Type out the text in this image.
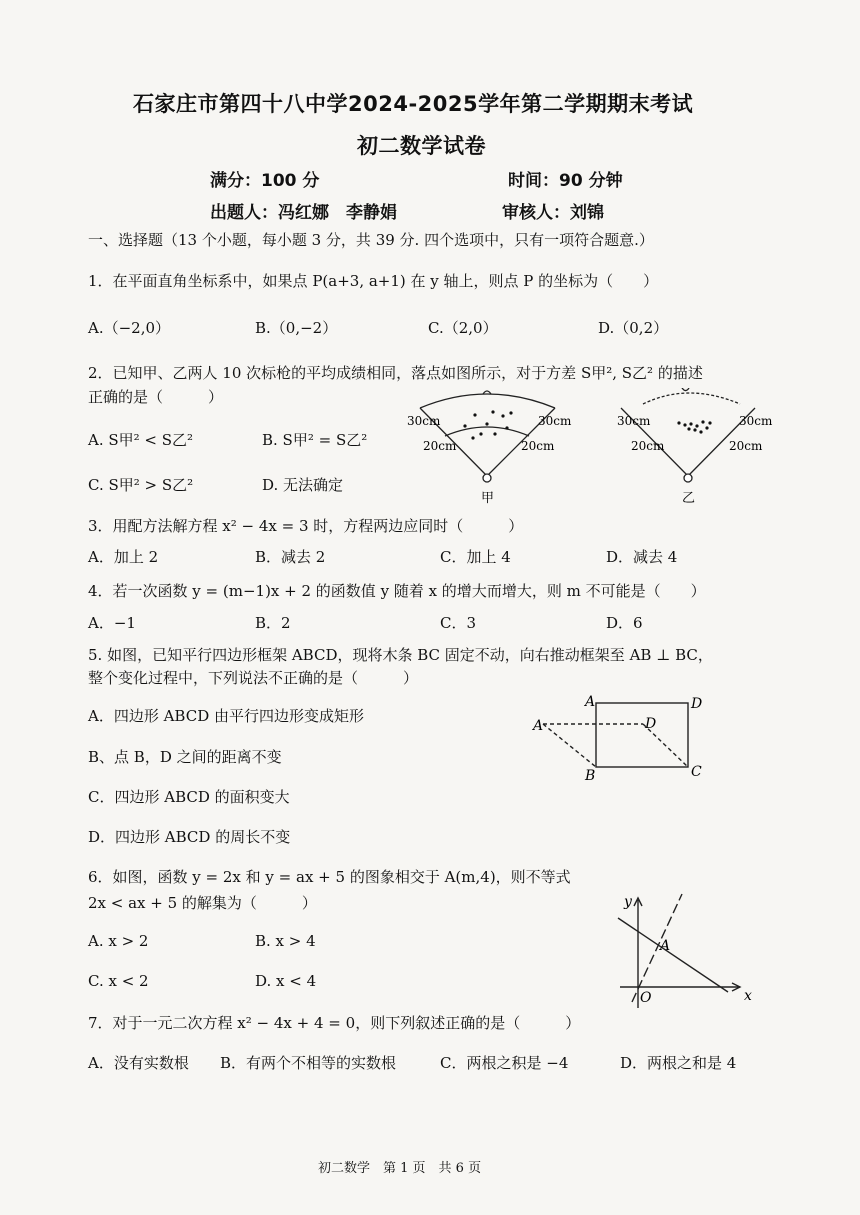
石家庄市第四十八中学2024-2025学年第二学期期末考试
初二数学试卷
满分：100 分	时间：90 分钟
出题人：冯红娜　李静娟	审核人：刘锦
一、选择题（13 个小题，每小题 3 分，共 39 分. 四个选项中，只有一项符合题意.）
1．在平面直角坐标系中，如果点 P(a+3, a+1) 在 y 轴上，则点 P 的坐标为（　　）
A.（−2,0）	B.（0,−2）	C.（2,0）	D.（0,2）
2．已知甲、乙两人 10 次标枪的平均成绩相同，落点如图所示，对于方差 S甲², S乙² 的描述
正确的是（　　　）
A. S甲² < S乙²	B. S甲² = S乙²
C. S甲² > S乙²	D. 无法确定
30cm	30cm
20cm	20cm
甲
30cm	30cm
20cm	20cm
乙
3．用配方法解方程 x² − 4x = 3 时，方程两边应同时（　　　）
A．加上 2	B．减去 2	C．加上 4	D．减去 4
4．若一次函数 y = (m−1)x + 2 的函数值 y 随着 x 的增大而增大，则 m 不可能是（　　）
A．−1	B．2	C．3	D．6
5. 如图，已知平行四边形框架 ABCD，现将木条 BC 固定不动，向右推动框架至 AB ⊥ BC，
整个变化过程中，下列说法不正确的是（　　　）
A．四边形 ABCD 由平行四边形变成矩形
B、点 B，D 之间的距离不变
C．四边形 ABCD 的面积变大
D．四边形 ABCD 的周长不变
A
A
B	C
D
D
6．如图，函数 y = 2x 和 y = ax + 5 的图象相交于 A(m,4)，则不等式
2x < ax + 5 的解集为（　　　）
A. x > 2	B. x > 4
C. x < 2	D. x < 4
y
x
O
A
7．对于一元二次方程 x² − 4x + 4 = 0，则下列叙述正确的是（　　　）
A．没有实数根 B．有两个不相等的实数根	C．两根之积是 −4	D．两根之和是 4
初二数学　第 1 页　共 6 页
